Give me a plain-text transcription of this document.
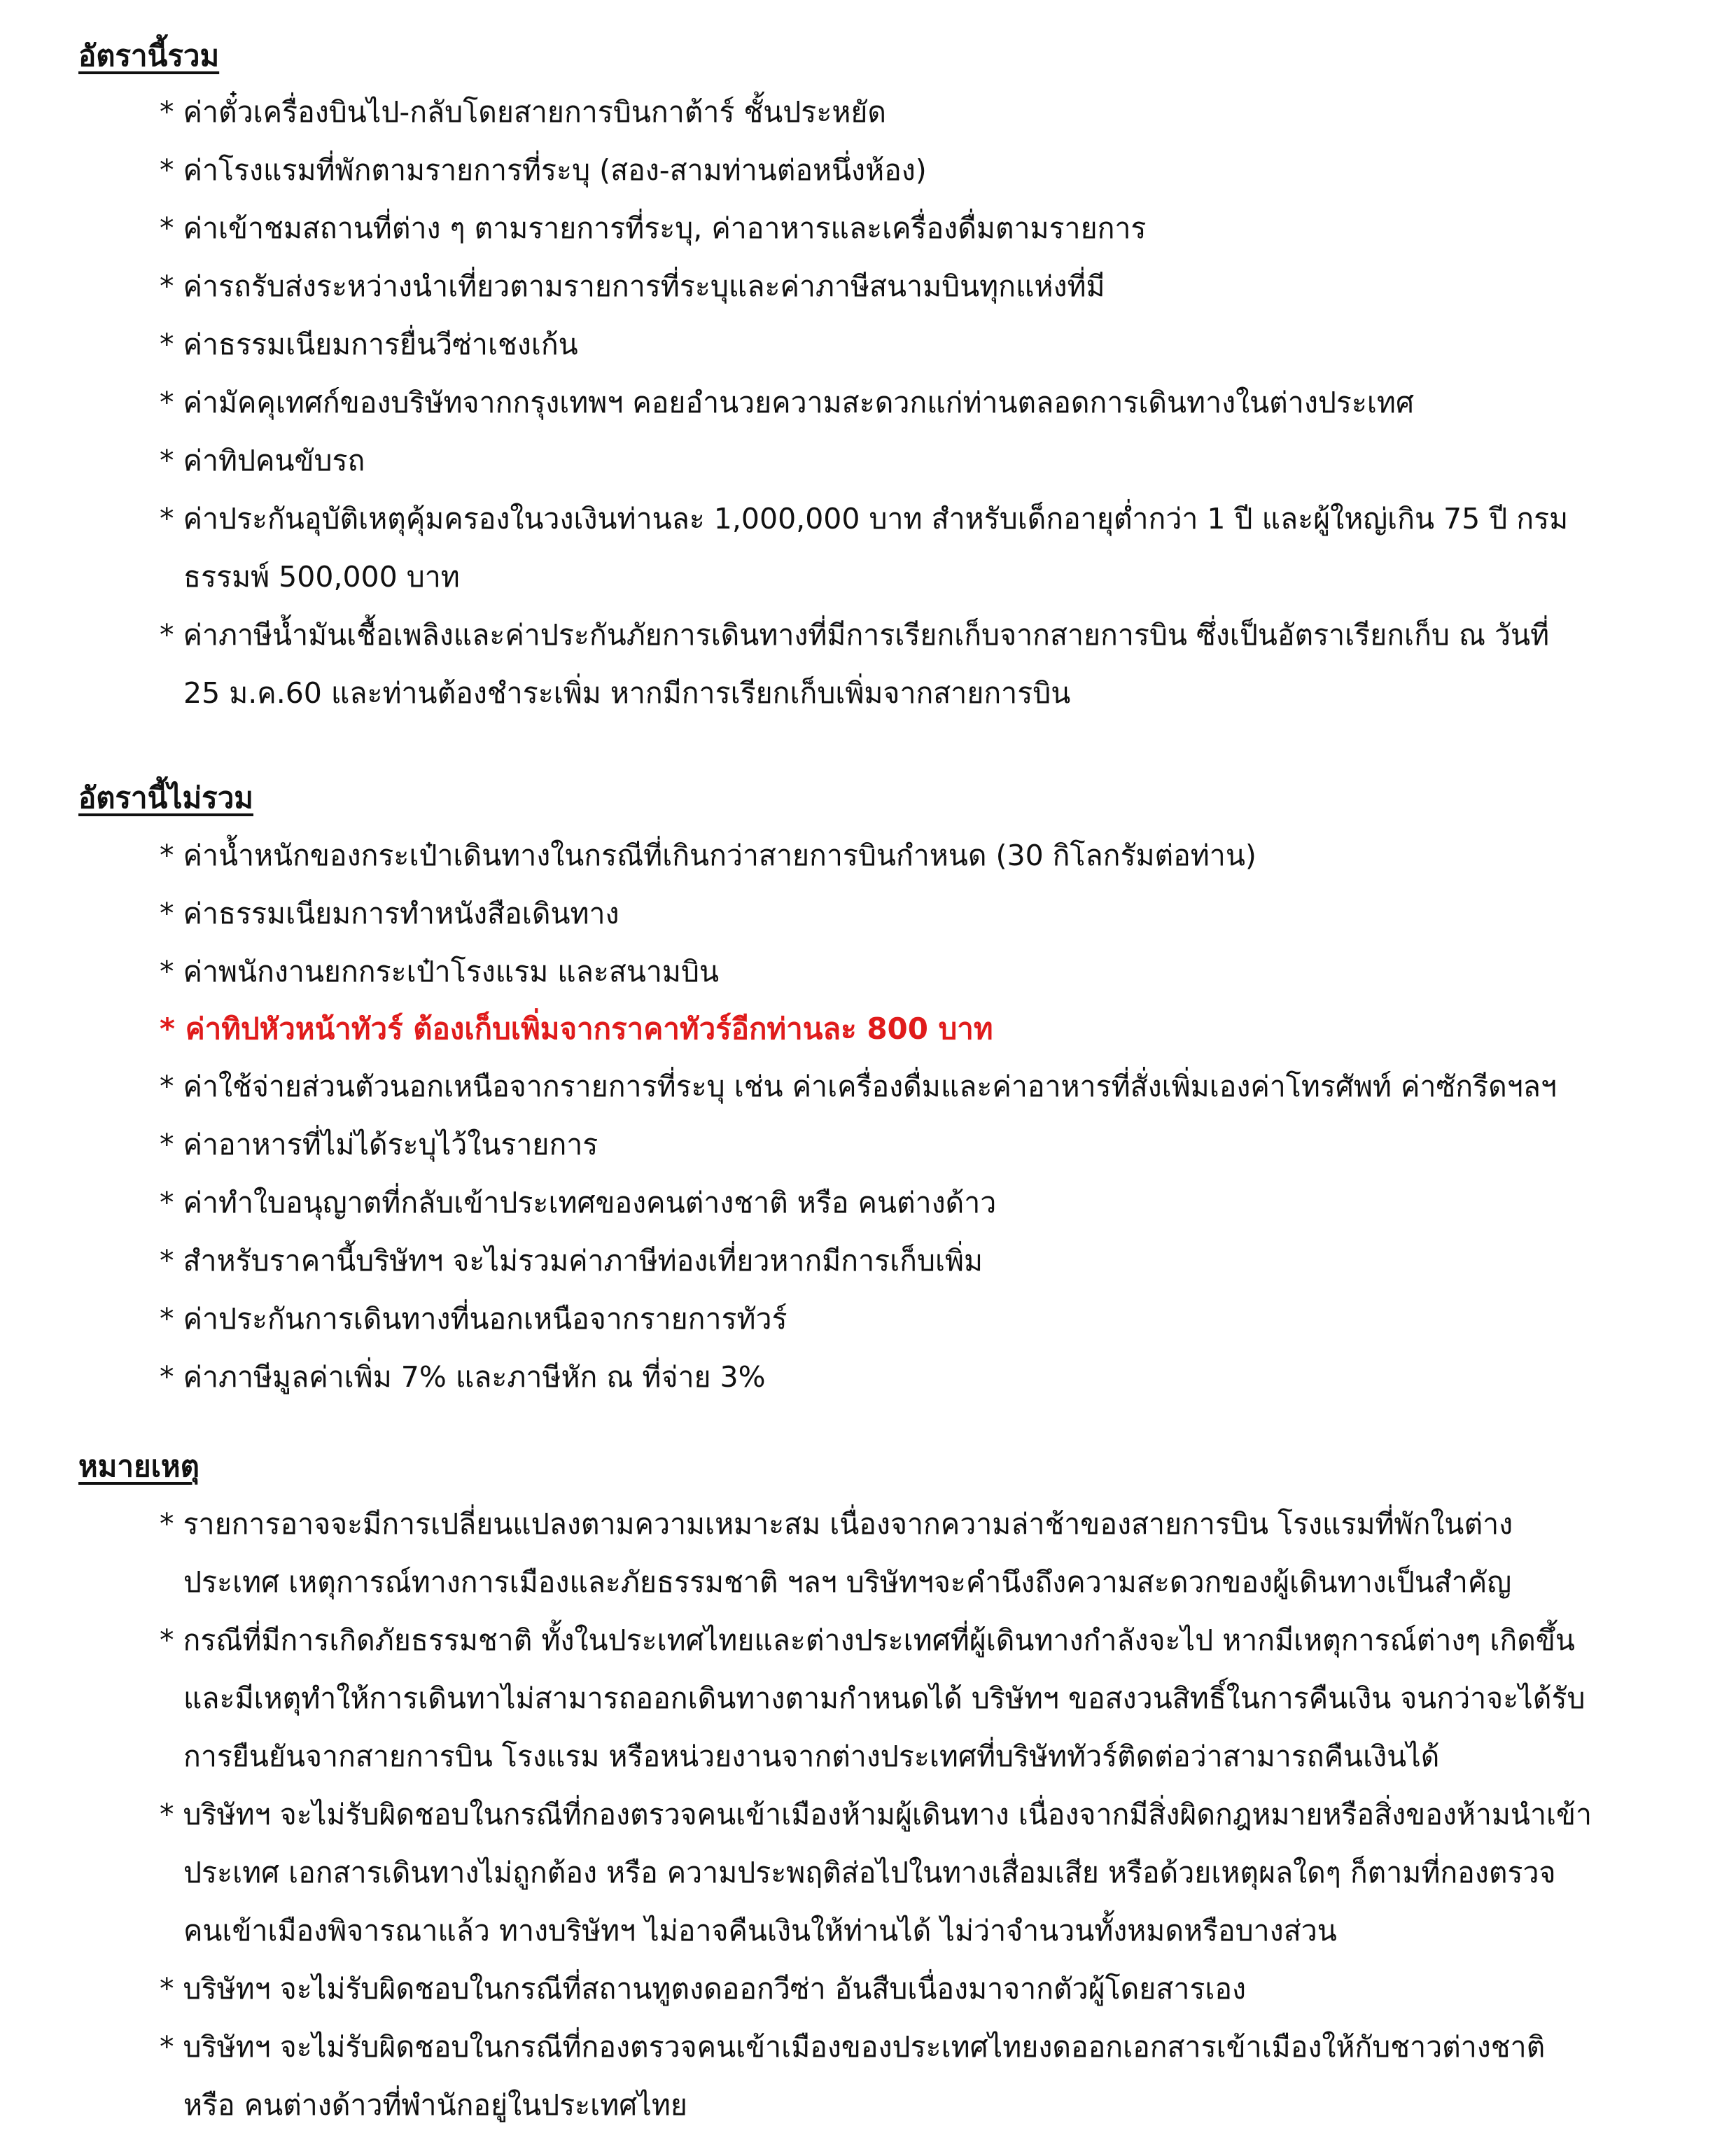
อัตรานี้รวม
* ค่าตั๋วเครื่องบินไป-กลับโดยสายการบินกาต้าร์ ชั้นประหยัด
* ค่าโรงแรมที่พักตามรายการที่ระบุ (สอง-สามท่านต่อหนึ่งห้อง)
* ค่าเข้าชมสถานที่ต่าง ๆ ตามรายการที่ระบุ, ค่าอาหารและเครื่องดื่มตามรายการ
* ค่ารถรับส่งระหว่างนำเที่ยวตามรายการที่ระบุและค่าภาษีสนามบินทุกแห่งที่มี
* ค่าธรรมเนียมการยื่นวีซ่าเชงเก้น
* ค่ามัคคุเทศก์ของบริษัทจากกรุงเทพฯ คอยอำนวยความสะดวกแก่ท่านตลอดการเดินทางในต่างประเทศ
* ค่าทิปคนขับรถ
* ค่าประกันอุบัติเหตุคุ้มครองในวงเงินท่านละ 1,000,000 บาท สำหรับเด็กอายุต่ำกว่า 1 ปี และผู้ใหญ่เกิน 75 ปี กรม
ธรรมพ์ 500,000 บาท
* ค่าภาษีน้ำมันเชื้อเพลิงและค่าประกันภัยการเดินทางที่มีการเรียกเก็บจากสายการบิน ซึ่งเป็นอัตราเรียกเก็บ ณ วันที่
25 ม.ค.60 และท่านต้องชำระเพิ่ม หากมีการเรียกเก็บเพิ่มจากสายการบิน
อัตรานี้ไม่รวม
* ค่าน้ำหนักของกระเป๋าเดินทางในกรณีที่เกินกว่าสายการบินกำหนด (30 กิโลกรัมต่อท่าน)
* ค่าธรรมเนียมการทำหนังสือเดินทาง
* ค่าพนักงานยกกระเป๋าโรงแรม และสนามบิน
* ค่าทิปหัวหน้าทัวร์ ต้องเก็บเพิ่มจากราคาทัวร์อีกท่านละ 800 บาท
* ค่าใช้จ่ายส่วนตัวนอกเหนือจากรายการที่ระบุ เช่น ค่าเครื่องดื่มและค่าอาหารที่สั่งเพิ่มเองค่าโทรศัพท์ ค่าซักรีดฯลฯ
* ค่าอาหารที่ไม่ได้ระบุไว้ในรายการ
* ค่าทำใบอนุญาตที่กลับเข้าประเทศของคนต่างชาติ หรือ คนต่างด้าว
* สำหรับราคานี้บริษัทฯ จะไม่รวมค่าภาษีท่องเที่ยวหากมีการเก็บเพิ่ม
* ค่าประกันการเดินทางที่นอกเหนือจากรายการทัวร์
* ค่าภาษีมูลค่าเพิ่ม 7% และภาษีหัก ณ ที่จ่าย 3%
หมายเหตุ
* รายการอาจจะมีการเปลี่ยนแปลงตามความเหมาะสม เนื่องจากความล่าช้าของสายการบิน โรงแรมที่พักในต่าง
ประเทศ เหตุการณ์ทางการเมืองและภัยธรรมชาติ ฯลฯ บริษัทฯจะคำนึงถึงความสะดวกของผู้เดินทางเป็นสำคัญ
* กรณีที่มีการเกิดภัยธรรมชาติ ทั้งในประเทศไทยและต่างประเทศที่ผู้เดินทางกำลังจะไป หากมีเหตุการณ์ต่างๆ เกิดขึ้น
และมีเหตุทำให้การเดินทาไม่สามารถออกเดินทางตามกำหนดได้ บริษัทฯ ขอสงวนสิทธิ์ในการคืนเงิน จนกว่าจะได้รับ
การยืนยันจากสายการบิน โรงแรม หรือหน่วยงานจากต่างประเทศที่บริษัททัวร์ติดต่อว่าสามารถคืนเงินได้
* บริษัทฯ จะไม่รับผิดชอบในกรณีที่กองตรวจคนเข้าเมืองห้ามผู้เดินทาง เนื่องจากมีสิ่งผิดกฎหมายหรือสิ่งของห้ามนำเข้า
ประเทศ เอกสารเดินทางไม่ถูกต้อง หรือ ความประพฤติส่อไปในทางเสื่อมเสีย หรือด้วยเหตุผลใดๆ ก็ตามที่กองตรวจ
คนเข้าเมืองพิจารณาแล้ว ทางบริษัทฯ ไม่อาจคืนเงินให้ท่านได้ ไม่ว่าจำนวนทั้งหมดหรือบางส่วน
* บริษัทฯ จะไม่รับผิดชอบในกรณีที่สถานทูตงดออกวีซ่า อันสืบเนื่องมาจากตัวผู้โดยสารเอง
* บริษัทฯ จะไม่รับผิดชอบในกรณีที่กองตรวจคนเข้าเมืองของประเทศไทยงดออกเอกสารเข้าเมืองให้กับชาวต่างชาติ
หรือ คนต่างด้าวที่พำนักอยู่ในประเทศไทย
